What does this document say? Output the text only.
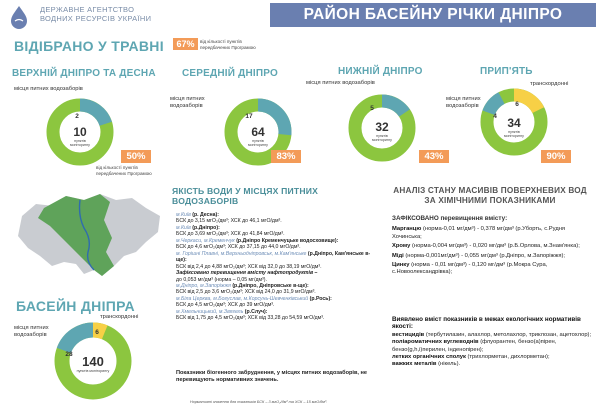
ДЕРЖАВНЕ АГЕНТСТВО
ВОДНИХ РЕСУРСІВ УКРАЇНИ	РАЙОН БАСЕЙНУ РІЧКИ ДНІПРО
ВІДІБРАНО У ТРАВНІ	67%	від кількості пунктів передбачених Програмою
ВЕРХНІЙ ДНІПРО ТА ДЕСНА
місця питних водозаборів
2
10
пунктів моніторингу
50%
від кількості пунктів передбачених Програмою
СЕРЕДНІЙ ДНІПРО
місця питних водозаборів
17
64
пунктів моніторингу
83%
НИЖНІЙ ДНІПРО
місця питних водозаборів
5
32
пунктів моніторингу
43%
ПРИП'ЯТЬ
транскордонні
місця питних водозаборів
4
6
34
пунктів моніторингу
90%
БАСЕЙН ДНІПРА
транскордонні
місця питних водозаборів
28
6
140
пунктів моніторингу
ЯКІСТЬ ВОДИ У МІСЦЯХ ПИТНИХ ВОДОЗАБОРІВ
м.Київ (р. Десна):
БСК до 3,15 мгО₂/дм³; ХСК до 46,1 мгО/дм³.
м.Київ (р.Дніпро):
БСК до 3,69 мгО₂/дм³; ХСК до 41,84 мгО/дм³.
м.Черкаси, м.Кременчук (р.Дніпро Кременчуцьке водосховище):
БСК до 4,6 мгО₂/дм³; ХСК до 37,15 до 44,0 мгО/дм³.
м. Горішні Плавні, м.Верхньодніпровськ, м.Кам'янське (р.Дніпро, Кам'янське в-ще):
БСК від 2,4 до 4,88 мгО₂/дм³; ХСК від 32,0 до 38,19 мгО/дм³.
Зафіксовано перевищення вмісту нафтопродуктів –
до 0,053 мг/дм³ (норма – 0,05 мг/дм³).
м.Дніпро, м.Запоріжжя (р.Дніпро, Дніпровське в-ще):
БСК від 2,5 до 3,6 мгО₂/дм³; ХСК від 24,0 до 31,9 мгО/дм³.
м.Біла Церква, м.Богуслав, м.Корсунь-Шевченківський (р.Рось):
БСК до 4,5 мгО₂/дм³; ХСК до 39 мгО/дм³.
м.Хмельницький, м.Звягель (р.Случ):
БСК від 1,75 до 4,5 мгО₂/дм³; ХСК від 33,28 до 54,59 мгО/дм³.
Показники біогенного забруднення, у місцях питних водозаборів, не перевищують нормативних значень.
Нормативні значення для показників БСК – 3 мгО₂/дм³ та ХСК – 15 мгО/дм³.
АНАЛІЗ СТАНУ МАСИВІВ ПОВЕРХНЕВИХ ВОД ЗА ХІМІЧНИМИ ПОКАЗНИКАМИ
ЗАФІКСОВАНО перевищення вмісту:
Марганцю (норма-0,01 мг/дм³) - 0,378 мг/дм³ (р.Уборть, с.Рудня Хочинська;
Хрому (норма-0,004 мг/дм³) - 0,020 мг/дм³ (р.Б.Орлова, м.Знам'янка);
Міді (норма-0,001мг/дм³) - 0,055 мг/дм³ (р.Дніпро, м.Запоріжжя);
Цинку (норма - 0,01 мг/дм³) - 0,120 мг/дм³ (р.Мокра Сура, с.Новоолександрівка);
Виявлено вміст показників в межах екологічних нормативів якості:
вестицидів (тербутилазин, алахлор, метолахлор, триклозан, ацетохлор);
поліароматичних вуглеводнів (флуорантен, бензо(а)пірен, бензо(g,h,i)перилен, інденопірен);
летких органічних сполук (трихлорметан, дихлорметан);
важких металів (нікель).
